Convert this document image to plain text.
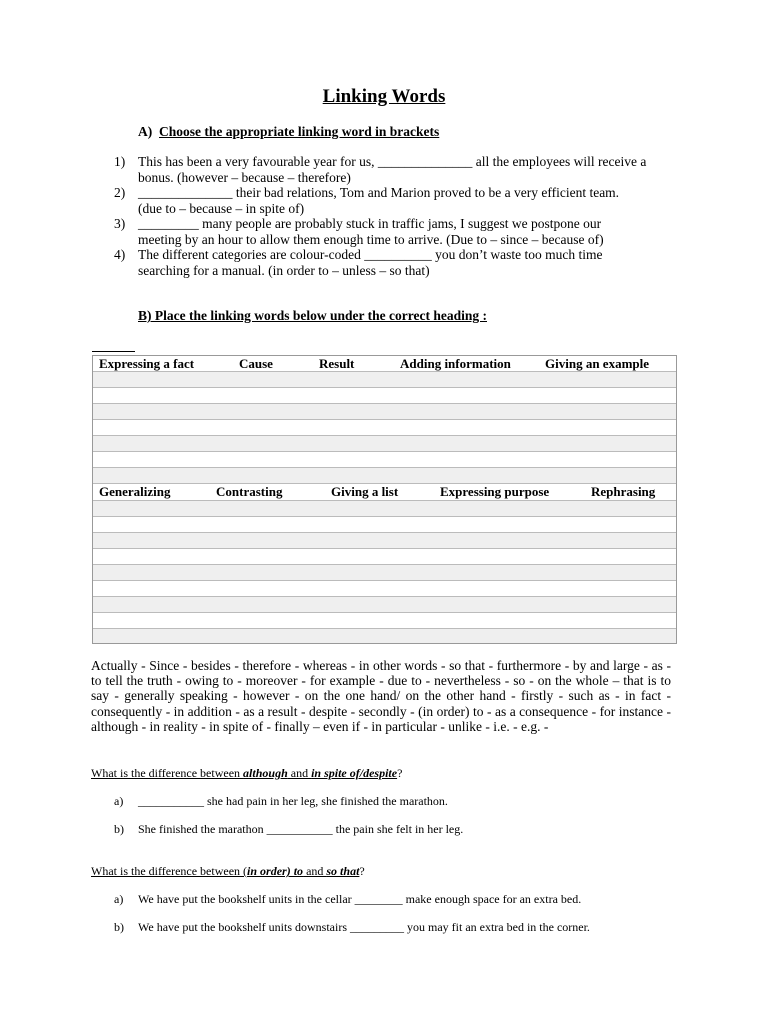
Linking Words
A) Choose the appropriate linking word in brackets
1) This has been a very favourable year for us, ______________ all the employees will receive a
bonus. (however – because – therefore)
2) ______________ their bad relations, Tom and Marion proved to be a very efficient team.
(due to – because – in spite of)
3) _________ many people are probably stuck in traffic jams, I suggest we postpone our
meeting by an hour to allow them enough time to arrive. (Due to – since – because of)
4) The different categories are colour-coded __________ you don’t waste too much time
searching for a manual. (in order to – unless – so that)
B) Place the linking words below under the correct heading :
Expressing a fact	Cause	Result	Adding information	Giving an example
Generalizing	Contrasting	Giving a list	Expressing purpose	Rephrasing
Actually - Since - besides - therefore - whereas - in other words - so that - furthermore - by and large - as - to tell the truth - owing to - moreover - for example - due to - nevertheless - so - on the whole – that is to say - generally speaking - however - on the one hand/ on the other hand - firstly - such as - in fact - consequently - in addition - as a result - despite - secondly - (in order) to - as a consequence - for instance - although - in reality - in spite of - finally – even if - in particular - unlike - i.e. - e.g. -
What is the difference between although and in spite of/despite?
a) ___________ she had pain in her leg, she finished the marathon.
b) She finished the marathon ___________ the pain she felt in her leg.
What is the difference between (in order) to and so that?
a) We have put the bookshelf units in the cellar ________ make enough space for an extra bed.
b) We have put the bookshelf units downstairs _________ you may fit an extra bed in the corner.
